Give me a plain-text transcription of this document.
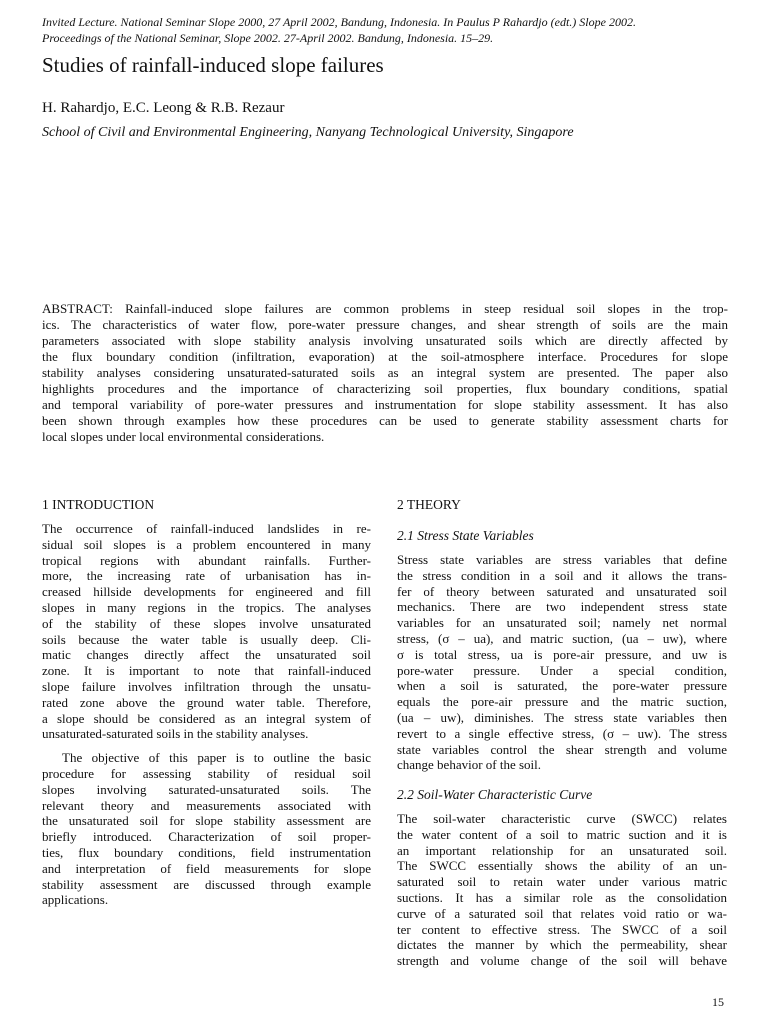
Invited Lecture. National Seminar Slope 2000, 27 April 2002, Bandung, Indonesia. In Paulus P Rahardjo (edt.) Slope 2002.
Proceedings of the National Seminar, Slope 2002. 27-April 2002. Bandung, Indonesia. 15–29.
Studies of rainfall-induced slope failures
H. Rahardjo, E.C. Leong & R.B. Rezaur
School of Civil and Environmental Engineering, Nanyang Technological University, Singapore
ABSTRACT: Rainfall-induced slope failures are common problems in steep residual soil slopes in the trop-
ics. The characteristics of water flow, pore-water pressure changes, and shear strength of soils are the main
parameters associated with slope stability analysis involving unsaturated soils which are directly affected by
the flux boundary condition (infiltration, evaporation) at the soil-atmosphere interface. Procedures for slope
stability analyses considering unsaturated-saturated soils as an integral system are presented. The paper also
highlights procedures and the importance of characterizing soil properties, flux boundary conditions, spatial
and temporal variability of pore-water pressures and instrumentation for slope stability assessment. It has also
been shown through examples how these procedures can be used to generate stability assessment charts for
local slopes under local environmental considerations.
1 INTRODUCTION
The occurrence of rainfall-induced landslides in re-
sidual soil slopes is a problem encountered in many
tropical regions with abundant rainfalls. Further-
more, the increasing rate of urbanisation has in-
creased hillside developments for engineered and fill
slopes in many regions in the tropics. The analyses
of the stability of these slopes involve unsaturated
soils because the water table is usually deep. Cli-
matic changes directly affect the unsaturated soil
zone. It is important to note that rainfall-induced
slope failure involves infiltration through the unsatu-
rated zone above the ground water table. Therefore,
a slope should be considered as an integral system of
unsaturated-saturated soils in the stability analyses.
The objective of this paper is to outline the basic
procedure for assessing stability of residual soil
slopes involving saturated-unsaturated soils. The
relevant theory and measurements associated with
the unsaturated soil for slope stability assessment are
briefly introduced. Characterization of soil proper-
ties, flux boundary conditions, field instrumentation
and interpretation of field measurements for slope
stability assessment are discussed through example
applications.
2 THEORY
2.1 Stress State Variables
Stress state variables are stress variables that define
the stress condition in a soil and it allows the trans-
fer of theory between saturated and unsaturated soil
mechanics. There are two independent stress state
variables for an unsaturated soil; namely net normal
stress, (σ – ua), and matric suction, (ua – uw), where
σ is total stress, ua is pore-air pressure, and uw is
pore-water pressure. Under a special condition,
when a soil is saturated, the pore-water pressure
equals the pore-air pressure and the matric suction,
(ua – uw), diminishes. The stress state variables then
revert to a single effective stress, (σ – uw). The stress
state variables control the shear strength and volume
change behavior of the soil.
2.2 Soil-Water Characteristic Curve
The soil-water characteristic curve (SWCC) relates
the water content of a soil to matric suction and it is
an important relationship for an unsaturated soil.
The SWCC essentially shows the ability of an un-
saturated soil to retain water under various matric
suctions. It has a similar role as the consolidation
curve of a saturated soil that relates void ratio or wa-
ter content to effective stress. The SWCC of a soil
dictates the manner by which the permeability, shear
strength and volume change of the soil will behave
15
